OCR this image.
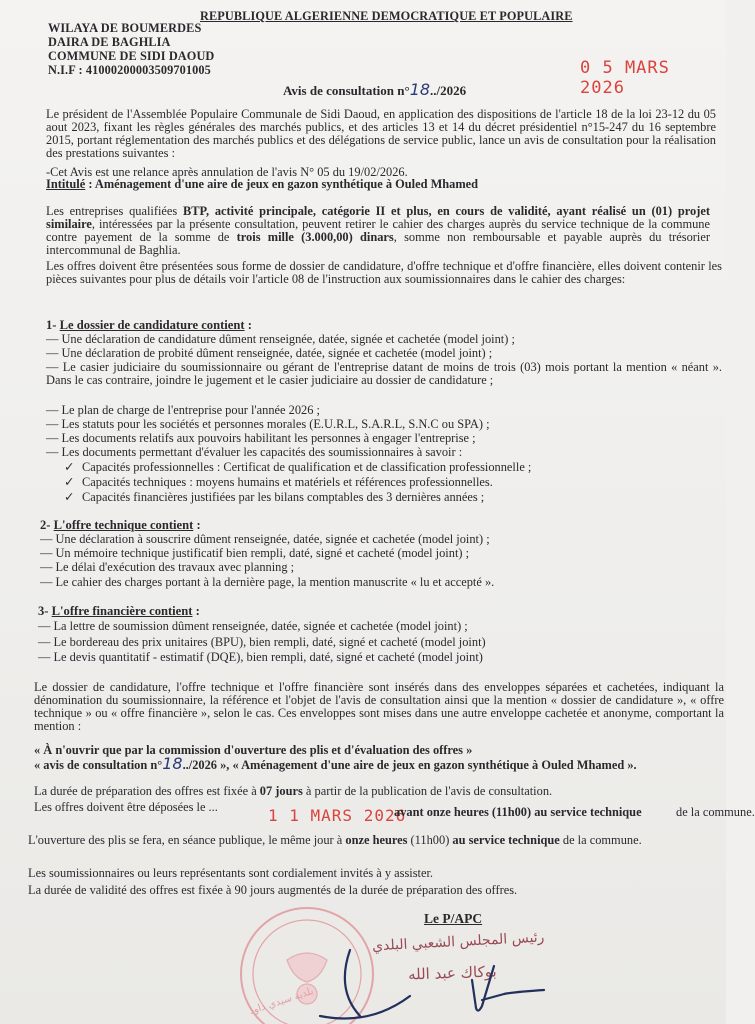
REPUBLIQUE ALGERIENNE DEMOCRATIQUE ET POPULAIRE
WILAYA DE BOUMERDES
DAIRA DE BAGHLIA
COMMUNE DE SIDI DAOUD
N.I.F : 41000200003509701005	0 5 MARS 2026
Avis de consultation n°18../2026
Le président de l'Assemblée Populaire Communale de Sidi Daoud, en application des dispositions de l'article 18 de la loi 23-12 du 05 aout 2023, fixant les règles générales des marchés publics, et des articles 13 et 14 du décret présidentiel n°15-247 du 16 septembre 2015, portant réglementation des marchés publics et des délégations de service public, lance un avis de consultation pour la réalisation des prestations suivantes :
-Cet Avis est une relance après annulation de l'avis N° 05 du 19/02/2026.
Intitulé : Aménagement d'une aire de jeux en gazon synthétique à Ouled Mhamed
Les entreprises qualifiées BTP, activité principale, catégorie II et plus, en cours de validité, ayant réalisé un (01) projet similaire, intéressées par la présente consultation, peuvent retirer le cahier des charges auprès du service technique de la commune contre payement de la somme de trois mille (3.000,00) dinars, somme non remboursable et payable auprès du trésorier intercommunal de Baghlia.
Les offres doivent être présentées sous forme de dossier de candidature, d'offre technique et d'offre financière, elles doivent contenir les pièces suivantes pour plus de détails voir l'article 08 de l'instruction aux soumissionnaires dans le cahier des charges:
1- Le dossier de candidature contient :
— Une déclaration de candidature dûment renseignée, datée, signée et cachetée (model joint) ;
— Une déclaration de probité dûment renseignée, datée, signée et cachetée (model joint) ;
— Le casier judiciaire du soumissionnaire ou gérant de l'entreprise datant de moins de trois (03) mois portant la mention « néant ». Dans le cas contraire, joindre le jugement et le casier judiciaire au dossier de candidature ;
— Le plan de charge de l'entreprise pour l'année 2026 ;
— Les statuts pour les sociétés et personnes morales (E.U.R.L, S.A.R.L, S.N.C ou SPA) ;
— Les documents relatifs aux pouvoirs habilitant les personnes à engager l'entreprise ;
— Les documents permettant d'évaluer les capacités des soumissionnaires à savoir :
✓ Capacités professionnelles : Certificat de qualification et de classification professionnelle ;
✓ Capacités techniques : moyens humains et matériels et références professionnelles.
✓ Capacités financières justifiées par les bilans comptables des 3 dernières années ;
2- L'offre technique contient :
— Une déclaration à souscrire dûment renseignée, datée, signée et cachetée (model joint) ;
— Un mémoire technique justificatif bien rempli, daté, signé et cacheté (model joint) ;
— Le délai d'exécution des travaux avec planning ;
— Le cahier des charges portant à la dernière page, la mention manuscrite « lu et accepté ».
3- L'offre financière contient :
— La lettre de soumission dûment renseignée, datée, signée et cachetée (model joint) ;
— Le bordereau des prix unitaires (BPU), bien rempli, daté, signé et cacheté (model joint)
— Le devis quantitatif - estimatif (DQE), bien rempli, daté, signé et cacheté (model joint)
Le dossier de candidature, l'offre technique et l'offre financière sont insérés dans des enveloppes séparées et cachetées, indiquant la dénomination du soumissionnaire, la référence et l'objet de l'avis de consultation ainsi que la mention « dossier de candidature », « offre technique » ou « offre financière », selon le cas. Ces enveloppes sont mises dans une autre enveloppe cachetée et anonyme, comportant la mention :
« À n'ouvrir que par la commission d'ouverture des plis et d'évaluation des offres »
« avis de consultation n°18../2026 », « Aménagement d'une aire de jeux en gazon synthétique à Ouled Mhamed ».
La durée de préparation des offres est fixée à 07 jours à partir de la publication de l'avis de consultation.
Les offres doivent être déposées le ...	1 1 MARS 2026
avant onze heures (11h00) au service technique	de la commune.
L'ouverture des plis se fera, en séance publique, le même jour à onze heures (11h00) au service technique de la commune.
Les soumissionnaires ou leurs représentants sont cordialement invités à y assister.
La durée de validité des offres est fixée à 90 jours augmentés de la durée de préparation des offres.
بلدية سيدي داود
Le P/APC
رئيس المجلس الشعبي البلدي
بوكاك عبد الله
